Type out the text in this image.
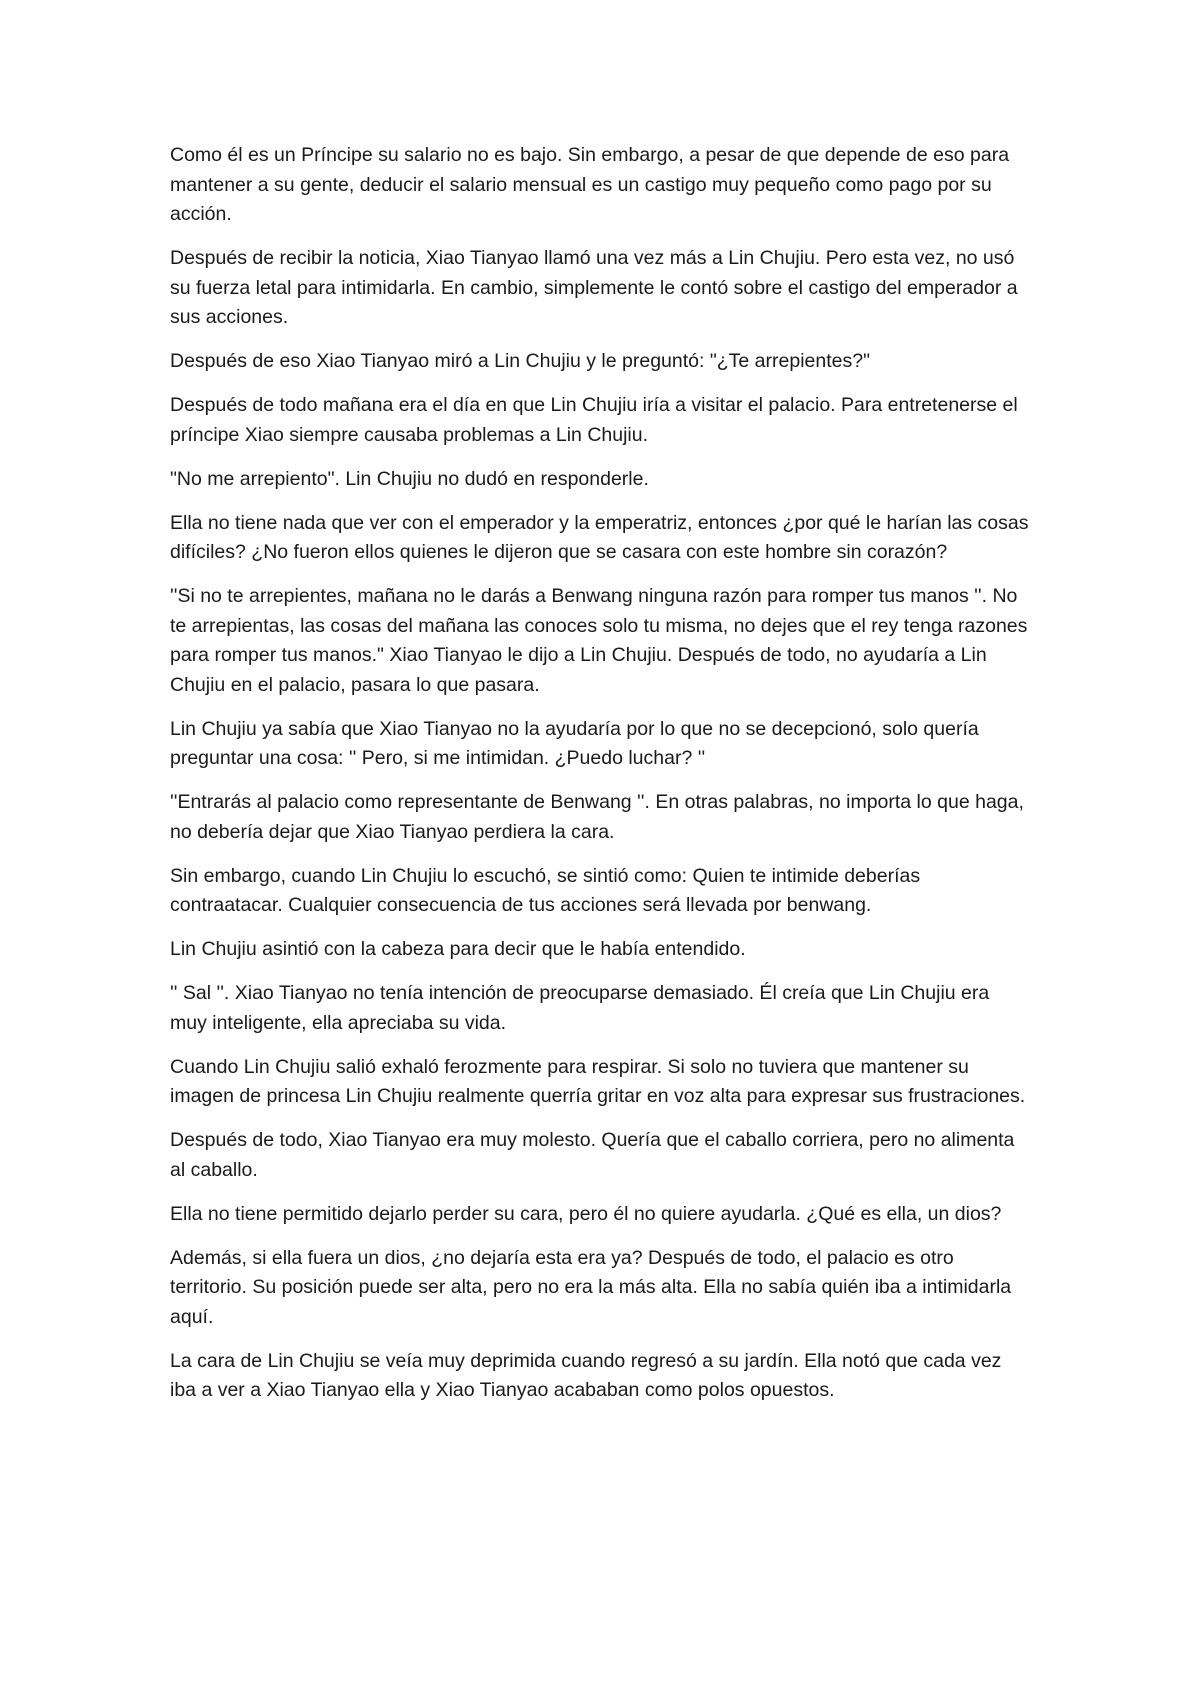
Como él es un Príncipe su salario no es bajo. Sin embargo, a pesar de que depende de eso para mantener a su gente, deducir el salario mensual es un castigo muy pequeño como pago por su acción.

Después de recibir la noticia, Xiao Tianyao llamó una vez más a Lin Chujiu. Pero esta vez, no usó su fuerza letal para intimidarla. En cambio, simplemente le contó sobre el castigo del emperador a sus acciones.

Después de eso Xiao Tianyao miró a Lin Chujiu y le preguntó: "¿Te arrepientes?"

Después de todo mañana era el día en que Lin Chujiu iría a visitar el palacio. Para entretenerse el príncipe Xiao siempre causaba problemas a Lin Chujiu.

"No me arrepiento". Lin Chujiu no dudó en responderle.

Ella no tiene nada que ver con el emperador y la emperatriz, entonces ¿por qué le harían las cosas difíciles? ¿No fueron ellos quienes le dijeron que se casara con este hombre sin corazón?

''Si no te arrepientes, mañana no le darás a Benwang ninguna razón para romper tus manos ''. No te arrepientas, las cosas del mañana las conoces solo tu misma, no dejes que el rey tenga razones para romper tus manos." Xiao Tianyao le dijo a Lin Chujiu. Después de todo, no ayudaría a Lin Chujiu en el palacio, pasara lo que pasara.

Lin Chujiu ya sabía que Xiao Tianyao no la ayudaría por lo que no se decepcionó, solo quería preguntar una cosa: '' Pero, si me intimidan. ¿Puedo luchar? ''

''Entrarás al palacio como representante de Benwang ''. En otras palabras, no importa lo que haga, no debería dejar que Xiao Tianyao perdiera la cara.

Sin embargo, cuando Lin Chujiu lo escuchó, se sintió como: Quien te intimide deberías contraatacar. Cualquier consecuencia de tus acciones será llevada por benwang.

Lin Chujiu asintió con la cabeza para decir que le había entendido.

'' Sal ''. Xiao Tianyao no tenía intención de preocuparse demasiado. Él creía que Lin Chujiu era muy inteligente, ella apreciaba su vida.

Cuando Lin Chujiu salió exhaló ferozmente para respirar. Si solo no tuviera que mantener su imagen de princesa Lin Chujiu realmente querría gritar en voz alta para expresar sus frustraciones.

Después de todo, Xiao Tianyao era muy molesto. Quería que el caballo corriera, pero no alimenta al caballo.

Ella no tiene permitido dejarlo perder su cara, pero él no quiere ayudarla. ¿Qué es ella, un dios?

Además, si ella fuera un dios, ¿no dejaría esta era ya? Después de todo, el palacio es otro territorio. Su posición puede ser alta, pero no era la más alta. Ella no sabía quién iba a intimidarla aquí.

La cara de Lin Chujiu se veía muy deprimida cuando regresó a su jardín. Ella notó que cada vez iba a ver a Xiao Tianyao ella y Xiao Tianyao acababan como polos opuestos.
